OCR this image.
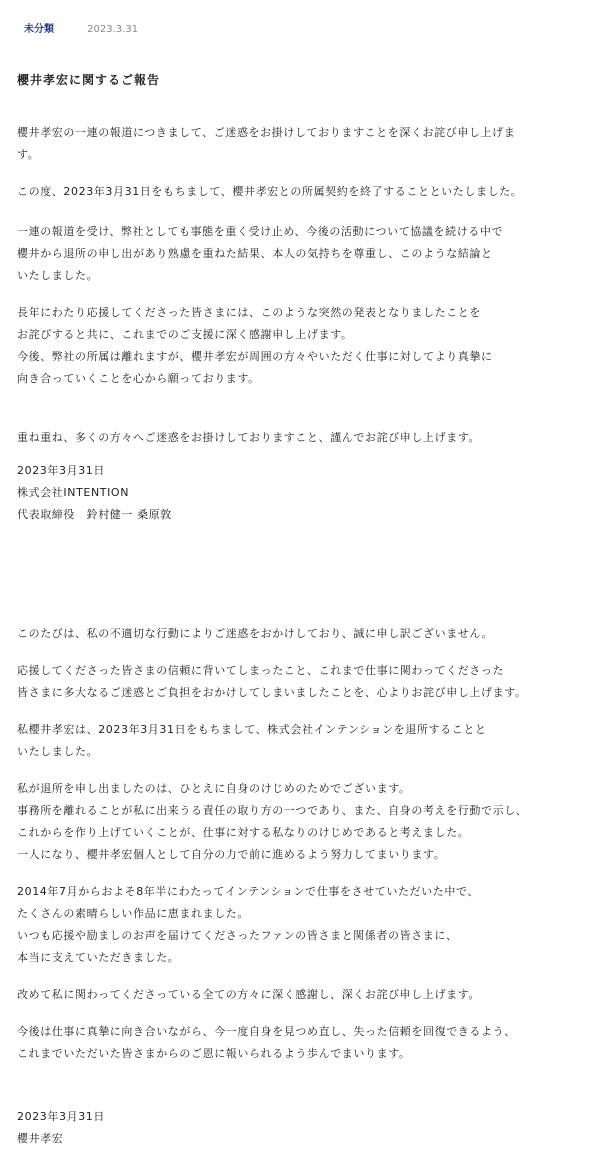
未分類	2023.3.31
櫻井孝宏に関するご報告

櫻井孝宏の一連の報道につきまして、ご迷惑をお掛けしておりますことを深くお詫び申し上げま

す。

この度、2023年3月31日をもちまして、櫻井孝宏との所属契約を終了することといたしました。

一連の報道を受け、弊社としても事態を重く受け止め、今後の活動について協議を続ける中で

櫻井から退所の申し出があり熟慮を重ねた結果、本人の気持ちを尊重し、このような結論と

いたしました。

長年にわたり応援してくださった皆さまには、このような突然の発表となりましたことを

お詫びすると共に、これまでのご支援に深く感謝申し上げます。

今後、弊社の所属は離れますが、櫻井孝宏が周囲の方々やいただく仕事に対してより真摯に

向き合っていくことを心から願っております。

重ね重ね、多くの方々へご迷惑をお掛けしておりますこと、謹んでお詫び申し上げます。

2023年3月31日

株式会社INTENTION

代表取締役　鈴村健一 桑原敦

このたびは、私の不適切な行動によりご迷惑をおかけしており、誠に申し訳ございません。

応援してくださった皆さまの信頼に背いてしまったこと、これまで仕事に関わってくださった

皆さまに多大なるご迷惑とご負担をおかけしてしまいましたことを、心よりお詫び申し上げます。

私櫻井孝宏は、2023年3月31日をもちまして、株式会社インテンションを退所することと

いたしました。

私が退所を申し出ましたのは、ひとえに自身のけじめのためでございます。

事務所を離れることが私に出来うる責任の取り方の一つであり、また、自身の考えを行動で示し、

これからを作り上げていくことが、仕事に対する私なりのけじめであると考えました。

一人になり、櫻井孝宏個人として自分の力で前に進めるよう努力してまいります。

2014年7月からおよそ8年半にわたってインテンションで仕事をさせていただいた中で、

たくさんの素晴らしい作品に恵まれました。

いつも応援や励ましのお声を届けてくださったファンの皆さまと関係者の皆さまに、

本当に支えていただきました。

改めて私に関わってくださっている全ての方々に深く感謝し、深くお詫び申し上げます。

今後は仕事に真摯に向き合いながら、今一度自身を見つめ直し、失った信頼を回復できるよう、

これまでいただいた皆さまからのご恩に報いられるよう歩んでまいります。

2023年3月31日

櫻井孝宏
